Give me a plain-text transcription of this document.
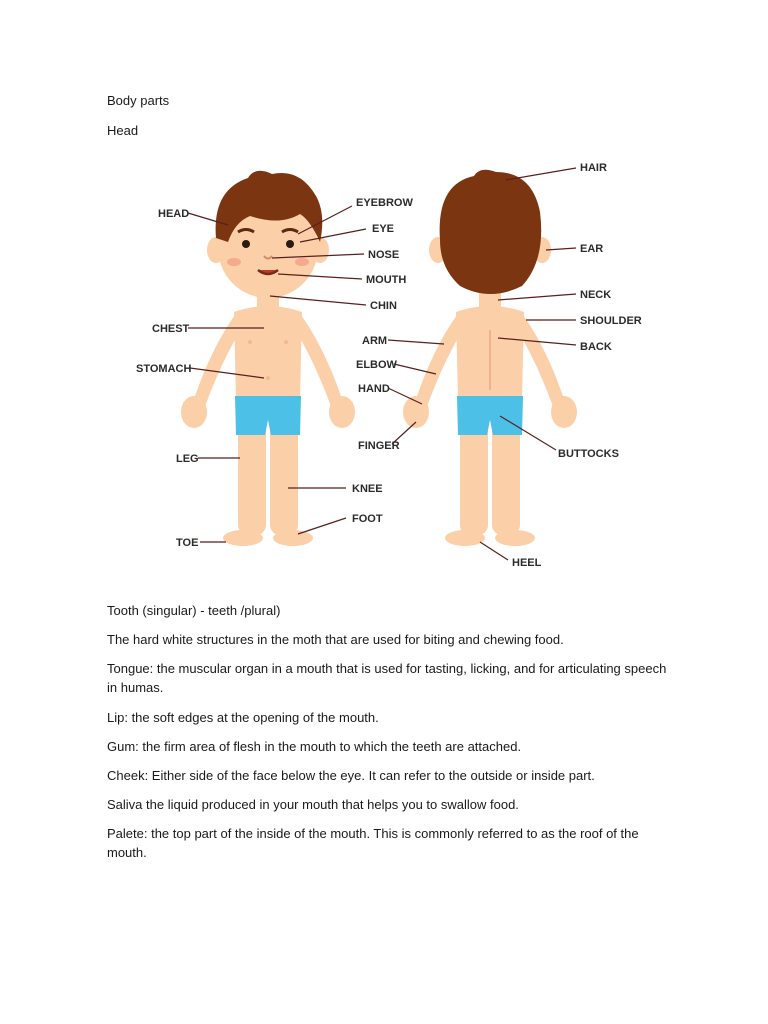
Body parts

Head

HEAD
CHEST
STOMACH
LEG
TOE
EYEBROW
EYE
NOSE
MOUTH
CHIN
ARM
ELBOW
HAND
FINGER
KNEE
FOOT
HAIR
EAR
NECK
SHOULDER
BACK
BUTTOCKS
HEEL

Tooth (singular) - teeth /plural)

The hard white structures in the moth that are used for biting and chewing food.

Tongue: the muscular organ in a mouth that is used for tasting, licking, and for articulating speech in humas.

Lip: the soft edges at the opening of the mouth.

Gum: the firm area of flesh in the mouth to which the teeth are attached.

Cheek: Either side of the face below the eye. It can refer to the outside or inside part.

Saliva the liquid produced in your mouth that helps you to swallow food.

Palete: the top part of the inside of the mouth. This is commonly referred to as the roof of the mouth.
